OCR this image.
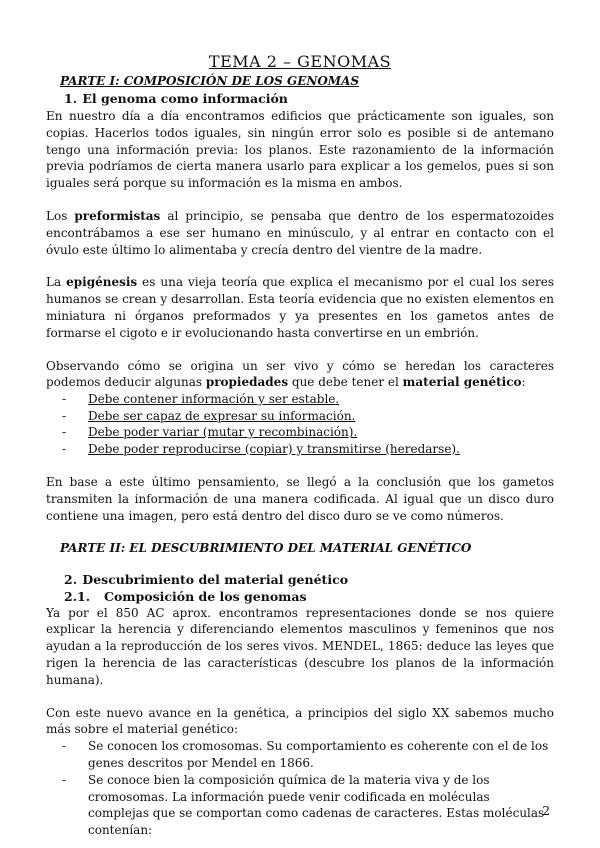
TEMA 2 – GENOMAS
PARTE I: COMPOSICIÓN DE LOS GENOMAS
1. El genoma como información

En nuestro día a día encontramos edificios que prácticamente son iguales, son copias. Hacerlos todos iguales, sin ningún error solo es posible si de antemano tengo una información previa: los planos. Este razonamiento de la información previa podríamos de cierta manera usarlo para explicar a los gemelos, pues si son iguales será porque su información es la misma en ambos.

Los preformistas al principio, se pensaba que dentro de los espermatozoides encontrábamos a ese ser humano en minúsculo, y al entrar en contacto con el óvulo este último lo alimentaba y crecía dentro del vientre de la madre.

La epigénesis es una vieja teoría que explica el mecanismo por el cual los seres humanos se crean y desarrollan. Esta teoría evidencia que no existen elementos en miniatura ni órganos preformados y ya presentes en los gametos antes de formarse el cigoto e ir evolucionando hasta convertirse en un embrión.

Observando cómo se origina un ser vivo y cómo se heredan los caracteres podemos deducir algunas propiedades que debe tener el material genético:

- Debe contener información y ser estable.
- Debe ser capaz de expresar su información.
- Debe poder variar (mutar y recombinación).
- Debe poder reproducirse (copiar) y transmitirse (heredarse).

En base a este último pensamiento, se llegó a la conclusión que los gametos transmiten la información de una manera codificada. Al igual que un disco duro contiene una imagen, pero está dentro del disco duro se ve como números.

PARTE II: EL DESCUBRIMIENTO DEL MATERIAL GENÉTICO
2. Descubrimiento del material genético
2.1. Composición de los genomas

Ya por el 850 AC aprox. encontramos representaciones donde se nos quiere explicar la herencia y diferenciando elementos masculinos y femeninos que nos ayudan a la reproducción de los seres vivos. MENDEL, 1865: deduce las leyes que rigen la herencia de las características (descubre los planos de la información humana).

Con este nuevo avance en la genética, a principios del siglo XX sabemos mucho más sobre el material genético:

- Se conocen los cromosomas. Su comportamiento es coherente con el de los genes descritos por Mendel en 1866.
- Se conoce bien la composición química de la materia viva y de los cromosomas. La información puede venir codificada en moléculas complejas que se comportan como cadenas de caracteres. Estas moléculas contenían:
2
